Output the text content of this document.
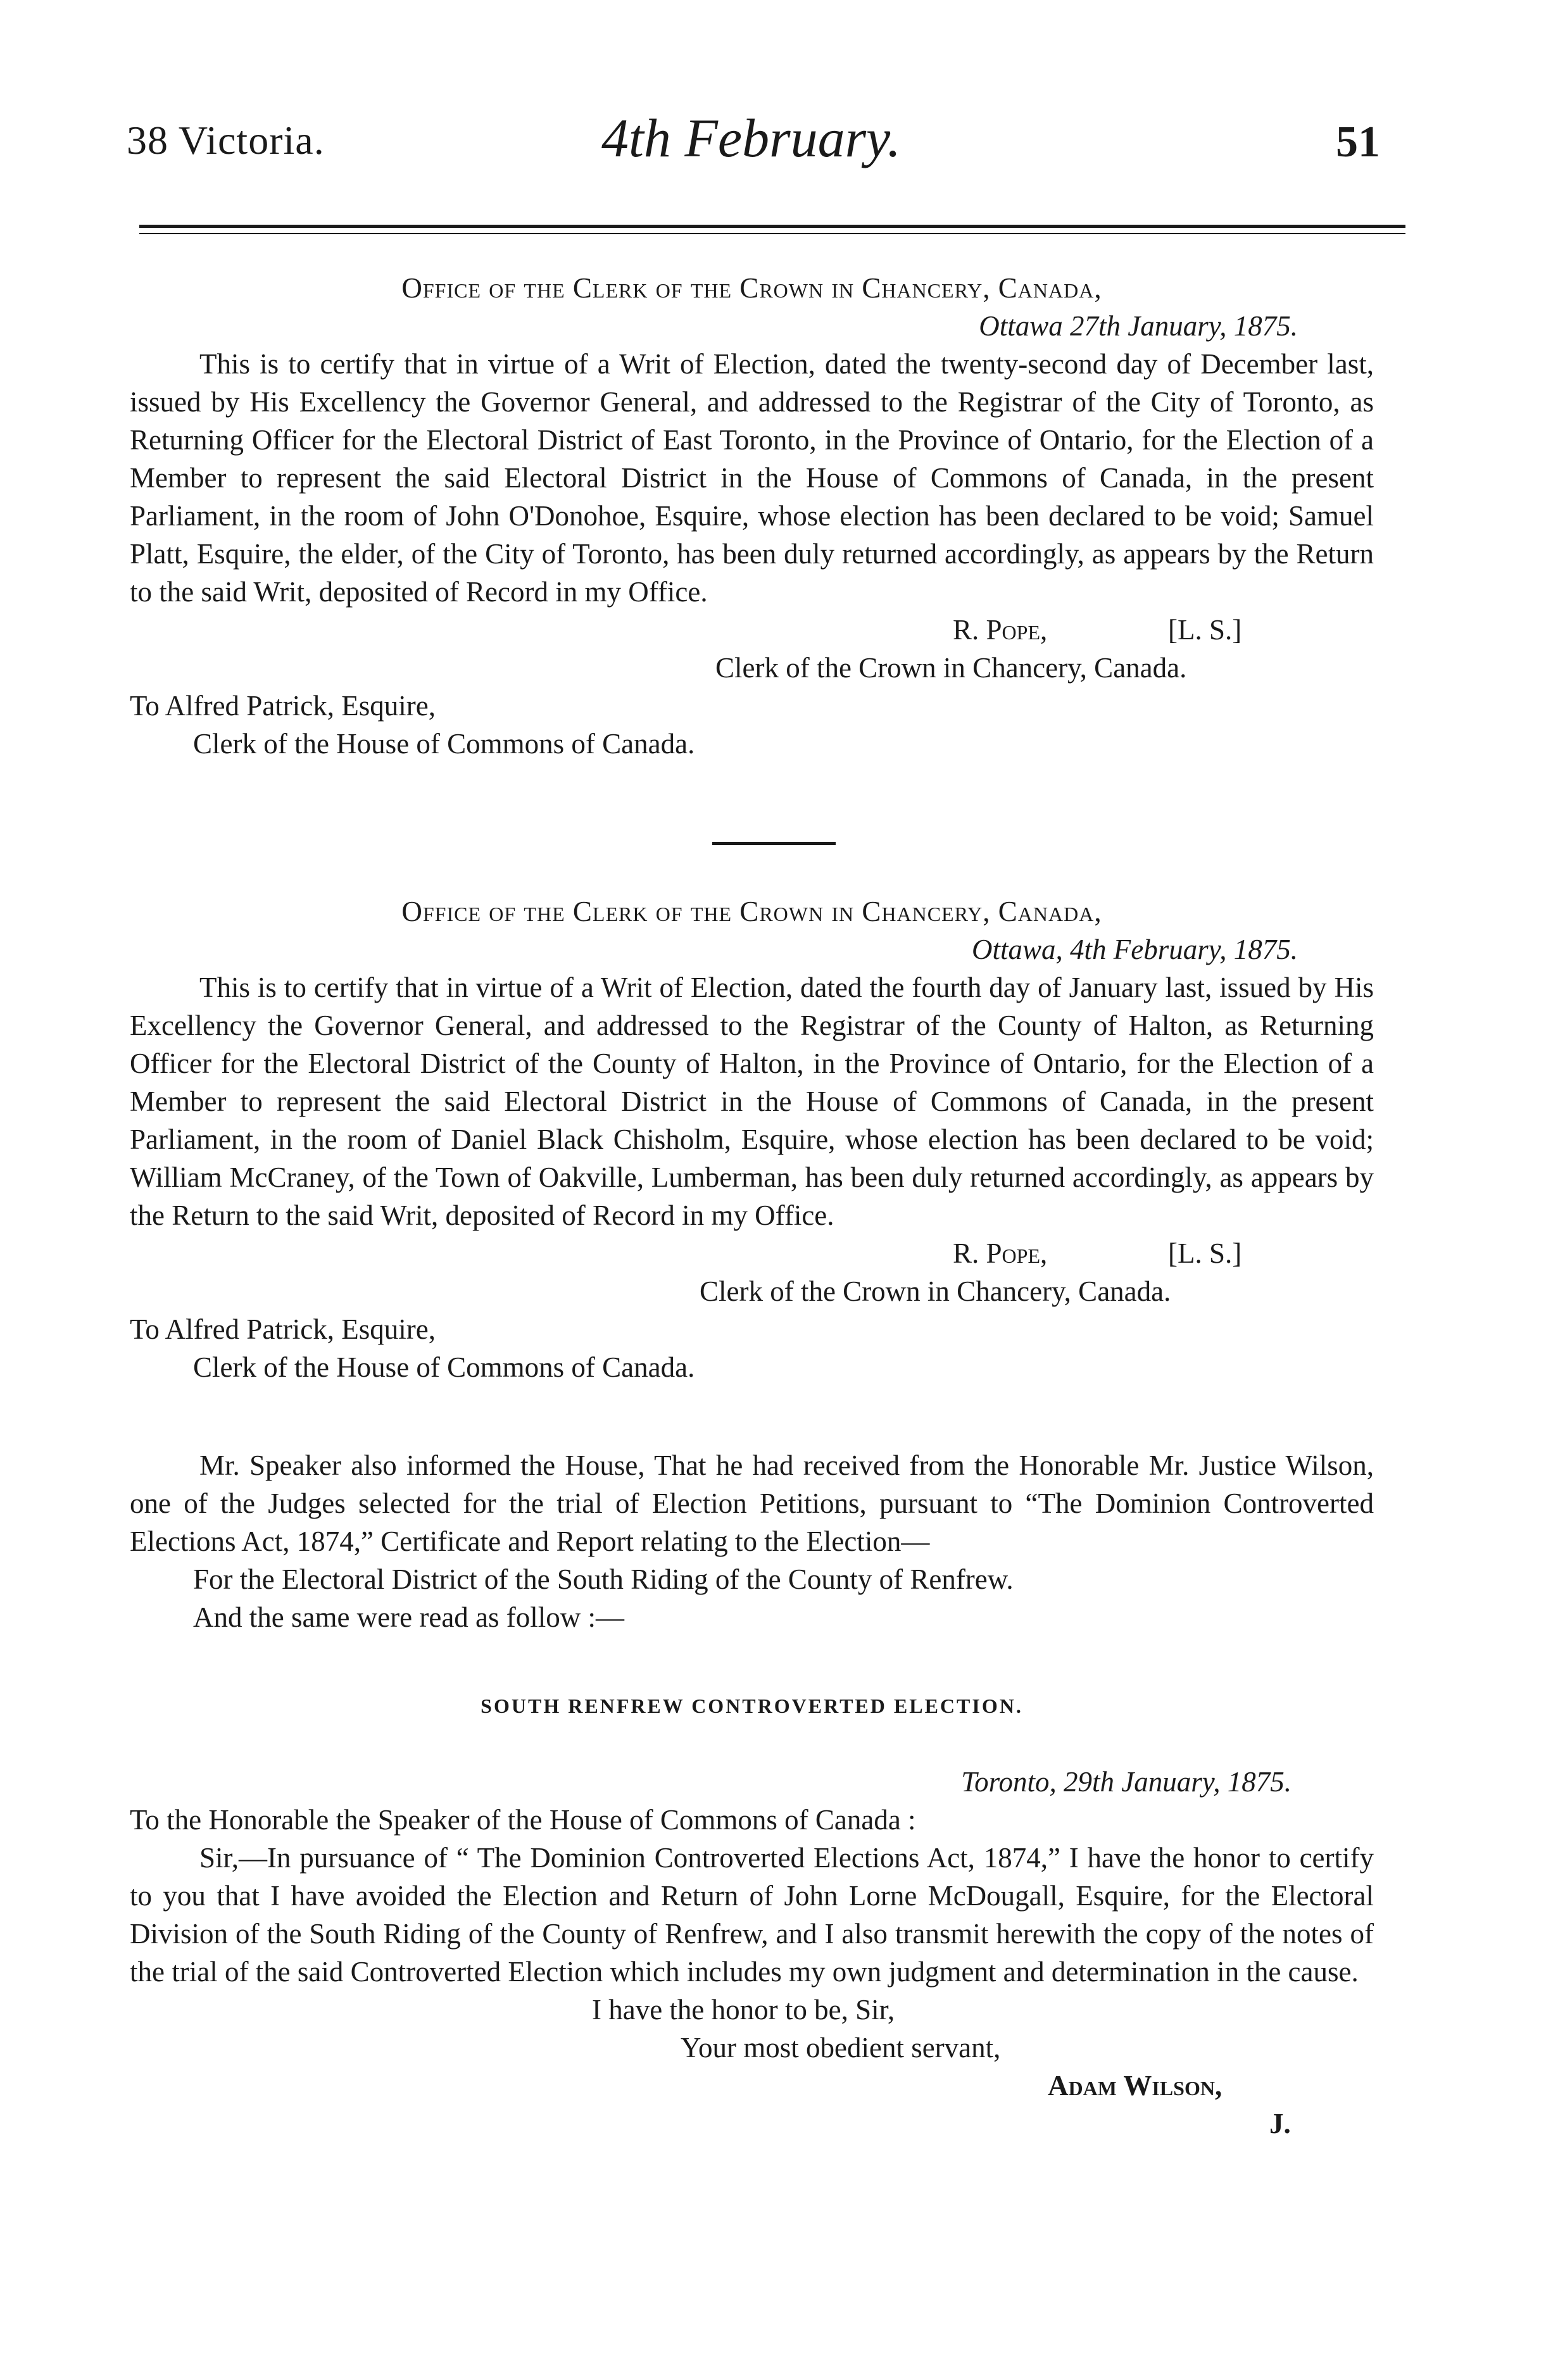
38 Victoria.	4th February.	51
Office of the Clerk of the Crown in Chancery, Canada,
Ottawa 27th January, 1875.
This is to certify that in virtue of a Writ of Election, dated the twenty-second day of December last, issued by His Excellency the Governor General, and addressed to the Registrar of the City of Toronto, as Returning Officer for the Electoral District of East Toronto, in the Province of Ontario, for the Election of a Member to represent the said Electoral District in the House of Commons of Canada, in the present Parliament, in the room of John O'Donohoe, Esquire, whose election has been declared to be void; Samuel Platt, Esquire, the elder, of the City of Toronto, has been duly returned accordingly, as appears by the Return to the said Writ, deposited of Record in my Office.
R. Pope,	[L. S.]
Clerk of the Crown in Chancery, Canada.
To Alfred Patrick, Esquire,
Clerk of the House of Commons of Canada.
Office of the Clerk of the Crown in Chancery, Canada,
Ottawa, 4th February, 1875.
This is to certify that in virtue of a Writ of Election, dated the fourth day of January last, issued by His Excellency the Governor General, and addressed to the Registrar of the County of Halton, as Returning Officer for the Electoral District of the County of Halton, in the Province of Ontario, for the Election of a Member to represent the said Electoral District in the House of Commons of Canada, in the present Parliament, in the room of Daniel Black Chisholm, Esquire, whose election has been declared to be void; William McCraney, of the Town of Oakville, Lumberman, has been duly returned accordingly, as appears by the Return to the said Writ, deposited of Record in my Office.
R. Pope,	[L. S.]
Clerk of the Crown in Chancery, Canada.
To Alfred Patrick, Esquire,
Clerk of the House of Commons of Canada.
Mr. Speaker also informed the House, That he had received from the Honorable Mr. Justice Wilson, one of the Judges selected for the trial of Election Petitions, pursuant to “The Dominion Controverted Elections Act, 1874,” Certificate and Report relating to the Election—
For the Electoral District of the South Riding of the County of Renfrew.
And the same were read as follow :—
SOUTH RENFREW CONTROVERTED ELECTION.
Toronto, 29th January, 1875.
To the Honorable the Speaker of the House of Commons of Canada :
Sir,—In pursuance of “ The Dominion Controverted Elections Act, 1874,” I have the honor to certify to you that I have avoided the Election and Return of John Lorne McDougall, Esquire, for the Electoral Division of the South Riding of the County of Renfrew, and I also transmit herewith the copy of the notes of the trial of the said Controverted Election which includes my own judgment and determination in the cause.
I have the honor to be, Sir,
Your most obedient servant,
Adam Wilson,
J.
